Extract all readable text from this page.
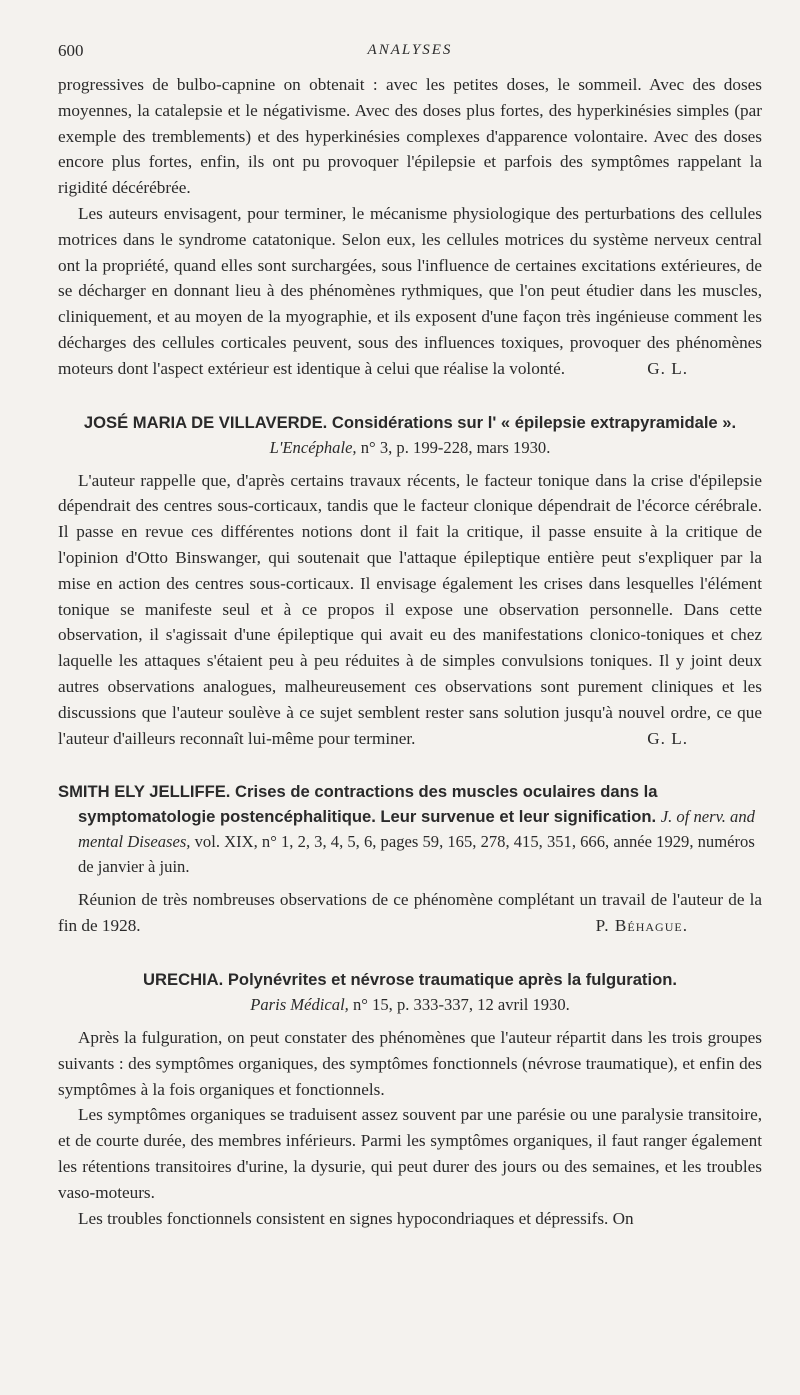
600	ANALYSES

progressives de bulbo-capnine on obtenait : avec les petites doses, le sommeil. Avec des doses moyennes, la catalepsie et le négativisme. Avec des doses plus fortes, des hyperkinésies simples (par exemple des tremblements) et des hyperkinésies complexes d'apparence volontaire. Avec des doses encore plus fortes, enfin, ils ont pu provoquer l'épilepsie et parfois des symptômes rappelant la rigidité décérébrée.

Les auteurs envisagent, pour terminer, le mécanisme physiologique des perturbations des cellules motrices dans le syndrome catatonique. Selon eux, les cellules motrices du système nerveux central ont la propriété, quand elles sont surchargées, sous l'influence de certaines excitations extérieures, de se décharger en donnant lieu à des phénomènes rythmiques, que l'on peut étudier dans les muscles, cliniquement, et au moyen de la myographie, et ils exposent d'une façon très ingénieuse comment les décharges des cellules corticales peuvent, sous des influences toxiques, provoquer des phénomènes moteurs dont l'aspect extérieur est identique à celui que réalise la volonté.	G. L.

JOSÉ MARIA DE VILLAVERDE. Considérations sur l' « épilepsie extrapyramidale ». L'Encéphale, n° 3, p. 199-228, mars 1930.

L'auteur rappelle que, d'après certains travaux récents, le facteur tonique dans la crise d'épilepsie dépendrait des centres sous-corticaux, tandis que le facteur clonique dépendrait de l'écorce cérébrale. Il passe en revue ces différentes notions dont il fait la critique, il passe ensuite à la critique de l'opinion d'Otto Binswanger, qui soutenait que l'attaque épileptique entière peut s'expliquer par la mise en action des centres sous-corticaux. Il envisage également les crises dans lesquelles l'élément tonique se manifeste seul et à ce propos il expose une observation personnelle. Dans cette observation, il s'agissait d'une épileptique qui avait eu des manifestations clonico-toniques et chez laquelle les attaques s'étaient peu à peu réduites à de simples convulsions toniques. Il y joint deux autres observations analogues, malheureusement ces observations sont purement cliniques et les discussions que l'auteur soulève à ce sujet semblent rester sans solution jusqu'à nouvel ordre, ce que l'auteur d'ailleurs reconnaît lui-même pour terminer.	G. L.

SMITH ELY JELLIFFE. Crises de contractions des muscles oculaires dans la
symptomatologie postencéphalitique. Leur survenue et leur signification. J. of nerv. and mental Diseases, vol. XIX, n° 1, 2, 3, 4, 5, 6, pages 59, 165, 278, 415, 351, 666, année 1929, numéros de janvier à juin.

Réunion de très nombreuses observations de ce phénomène complétant un travail de l'auteur de la fin de 1928.	P. Béhague.

URECHIA. Polynévrites et névrose traumatique après la fulguration.
Paris Médical, n° 15, p. 333-337, 12 avril 1930.

Après la fulguration, on peut constater des phénomènes que l'auteur répartit dans les trois groupes suivants : des symptômes organiques, des symptômes fonctionnels (névrose traumatique), et enfin des symptômes à la fois organiques et fonctionnels.

Les symptômes organiques se traduisent assez souvent par une parésie ou une paralysie transitoire, et de courte durée, des membres inférieurs. Parmi les symptômes organiques, il faut ranger également les rétentions transitoires d'urine, la dysurie, qui peut durer des jours ou des semaines, et les troubles vaso-moteurs.

Les troubles fonctionnels consistent en signes hypocondriaques et dépressifs. On
